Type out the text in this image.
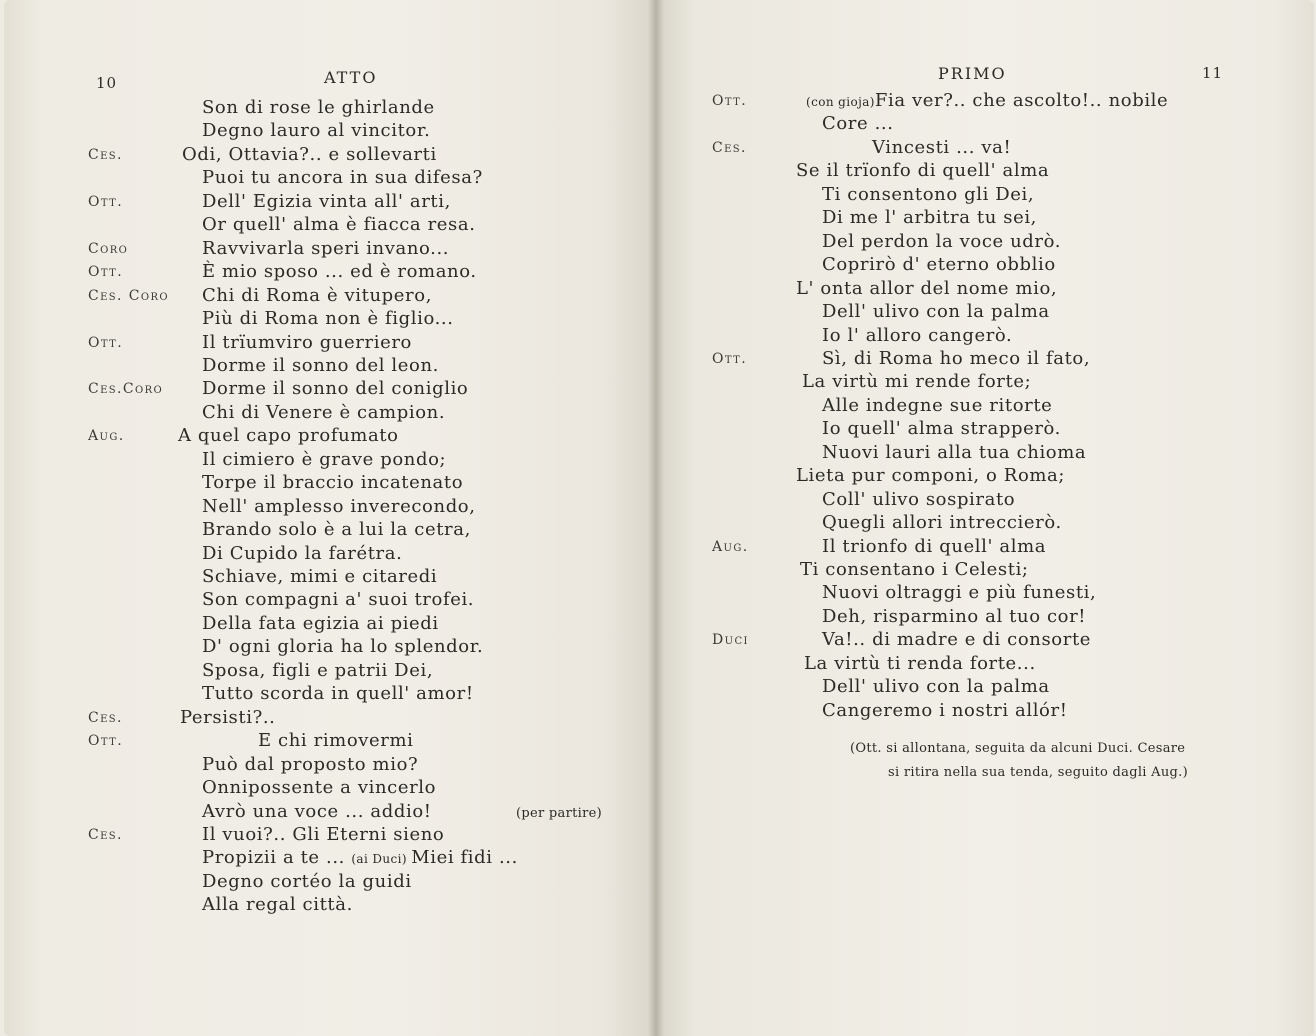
10	ATTO
Son di rose le ghirlande
Degno lauro al vincitor.
Ces.	Odi, Ottavia?.. e sollevarti
Puoi tu ancora in sua difesa?
Ott.	Dell' Egizia vinta all' arti,
Or quell' alma è fiacca resa.
Coro	Ravvivarla speri invano...
Ott.	È mio sposo ... ed è romano.
Ces. Coro Chi di Roma è vitupero,
Più di Roma non è figlio...
Ott.	Il trïumviro guerriero
Dorme il sonno del leon.
Ces.Coro Dorme il sonno del coniglio
Chi di Venere è campion.
Aug.	A quel capo profumato
Il cimiero è grave pondo;
Torpe il braccio incatenato
Nell' amplesso inverecondo,
Brando solo è a lui la cetra,
Di Cupido la farétra.
Schiave, mimi e citaredi
Son compagni a' suoi trofei.
Della fata egizia ai piedi
D' ogni gloria ha lo splendor.
Sposa, figli e patrii Dei,
Tutto scorda in quell' amor!
Ces.	Persisti?..
Ott.	E chi rimovermi
Può dal proposto mio?
Onnipossente a vincerlo
Avrò una voce ... addio!	(per partire)
Ces.	Il vuoi?.. Gli Eterni sieno
Propizii a te ... (ai Duci) Miei fidi ...
Degno cortéo la guidi
Alla regal città.
PRIMO	11
Ott.	(con gioja)Fia ver?.. che ascolto!.. nobile
Core ...
Ces.	Vincesti ... va!
Se il trïonfo di quell' alma
Ti consentono gli Dei,
Di me l' arbitra tu sei,
Del perdon la voce udrò.
Coprirò d' eterno obblio
L' onta allor del nome mio,
Dell' ulivo con la palma
Io l' alloro cangerò.
Ott.	Sì, di Roma ho meco il fato,
La virtù mi rende forte;
Alle indegne sue ritorte
Io quell' alma strapperò.
Nuovi lauri alla tua chioma
Lieta pur componi, o Roma;
Coll' ulivo sospirato
Quegli allori intreccierò.
Aug.	Il trionfo di quell' alma
Ti consentano i Celesti;
Nuovi oltraggi e più funesti,
Deh, risparmino al tuo cor!
Duci	Va!.. di madre e di consorte
La virtù ti renda forte...
Dell' ulivo con la palma
Cangeremo i nostri allór!
(Ott. si allontana, seguita da alcuni Duci. Cesare
si ritira nella sua tenda, seguito dagli Aug.)
